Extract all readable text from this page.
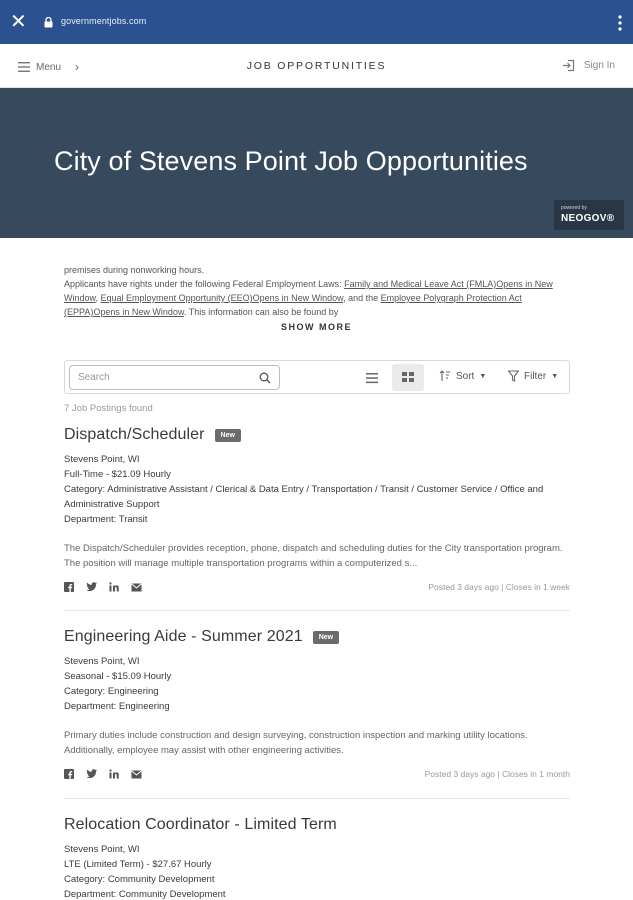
✕	governmentjobs.com
Menu ›	JOB OPPORTUNITIES	Sign In
City of Stevens Point Job Opportunities
powered by
NEOGOV®
premises during nonworking hours.
Applicants have rights under the following Federal Employment Laws: Family and Medical Leave Act (FMLA)Opens in New Window, Equal Employment Opportunity (EEO)Opens in New Window, and the Employee Polygraph Protection Act (EPPA)Opens in New Window. This information can also be found by
SHOW MORE
Search
Sort ▼	Filter ▼
7 Job Postings found
Dispatch/Scheduler	New
Stevens Point, WI
Full-Time - $21.09 Hourly
Category: Administrative Assistant / Clerical & Data Entry / Transportation / Transit / Customer Service / Office and Administrative Support
Department: Transit
The Dispatch/Scheduler provides reception, phone, dispatch and scheduling duties for the City transportation program. The position will manage multiple transportation programs within a computerized s...
Posted 3 days ago | Closes in 1 week
Engineering Aide - Summer 2021	New
Stevens Point, WI
Seasonal - $15.09 Hourly
Category: Engineering
Department: Engineering
Primary duties include construction and design surveying, construction inspection and marking utility locations. Additionally, employee may assist with other engineering activities.
Posted 3 days ago | Closes in 1 month
Relocation Coordinator - Limited Term
Stevens Point, WI
LTE (Limited Term) - $27.67 Hourly
Category: Community Development
Department: Community Development
